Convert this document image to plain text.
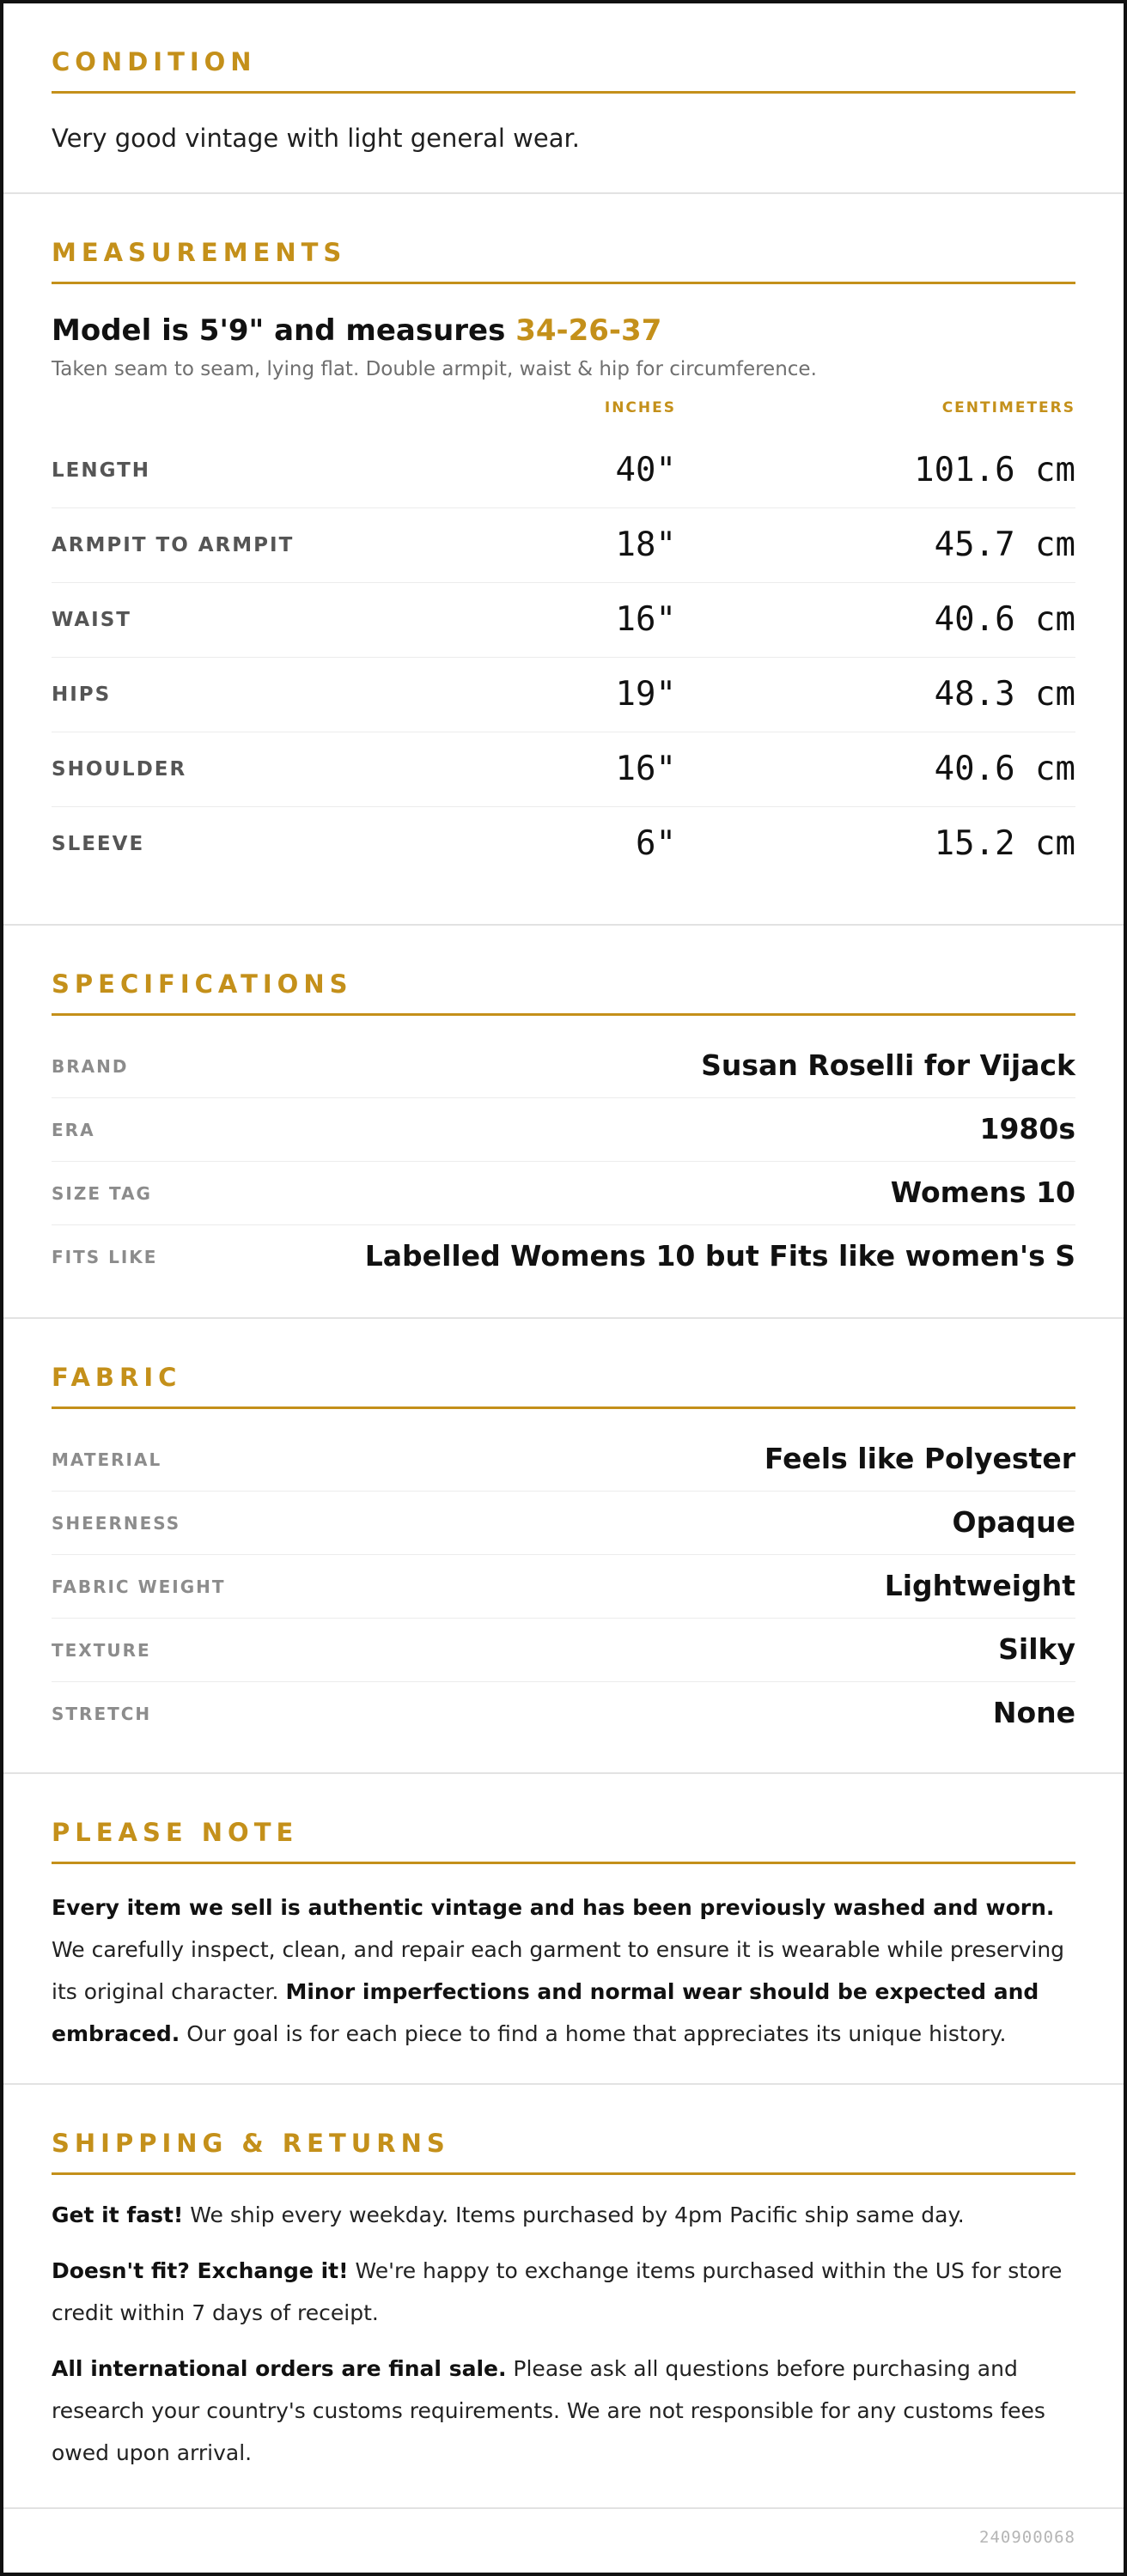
CONDITION
Very good vintage with light general wear.
MEASUREMENTS
Model is 5'9" and measures 34-26-37
Taken seam to seam, lying flat. Double armpit, waist & hip for circumference.
INCHES	CENTIMETERS
LENGTH	40"	101.6 cm
ARMPIT TO ARMPIT	18"	45.7 cm
WAIST	16"	40.6 cm
HIPS	19"	48.3 cm
SHOULDER	16"	40.6 cm
SLEEVE	6"	15.2 cm
SPECIFICATIONS
BRAND	Susan Roselli for Vijack
ERA	1980s
SIZE TAG	Womens 10
FITS LIKE	Labelled Womens 10 but Fits like women's S
FABRIC
MATERIAL	Feels like Polyester
SHEERNESS	Opaque
FABRIC WEIGHT	Lightweight
TEXTURE	Silky
STRETCH	None
PLEASE NOTE
Every item we sell is authentic vintage and has been previously washed and worn. We carefully inspect, clean, and repair each garment to ensure it is wearable while preserving its original character. Minor imperfections and normal wear should be expected and embraced. Our goal is for each piece to find a home that appreciates its unique history.
SHIPPING & RETURNS

Get it fast! We ship every weekday. Items purchased by 4pm Pacific ship same day.

Doesn't fit? Exchange it! We're happy to exchange items purchased within the US for store credit within 7 days of receipt.

All international orders are final sale. Please ask all questions before purchasing and research your country's customs requirements. We are not responsible for any customs fees owed upon arrival.

240900068
